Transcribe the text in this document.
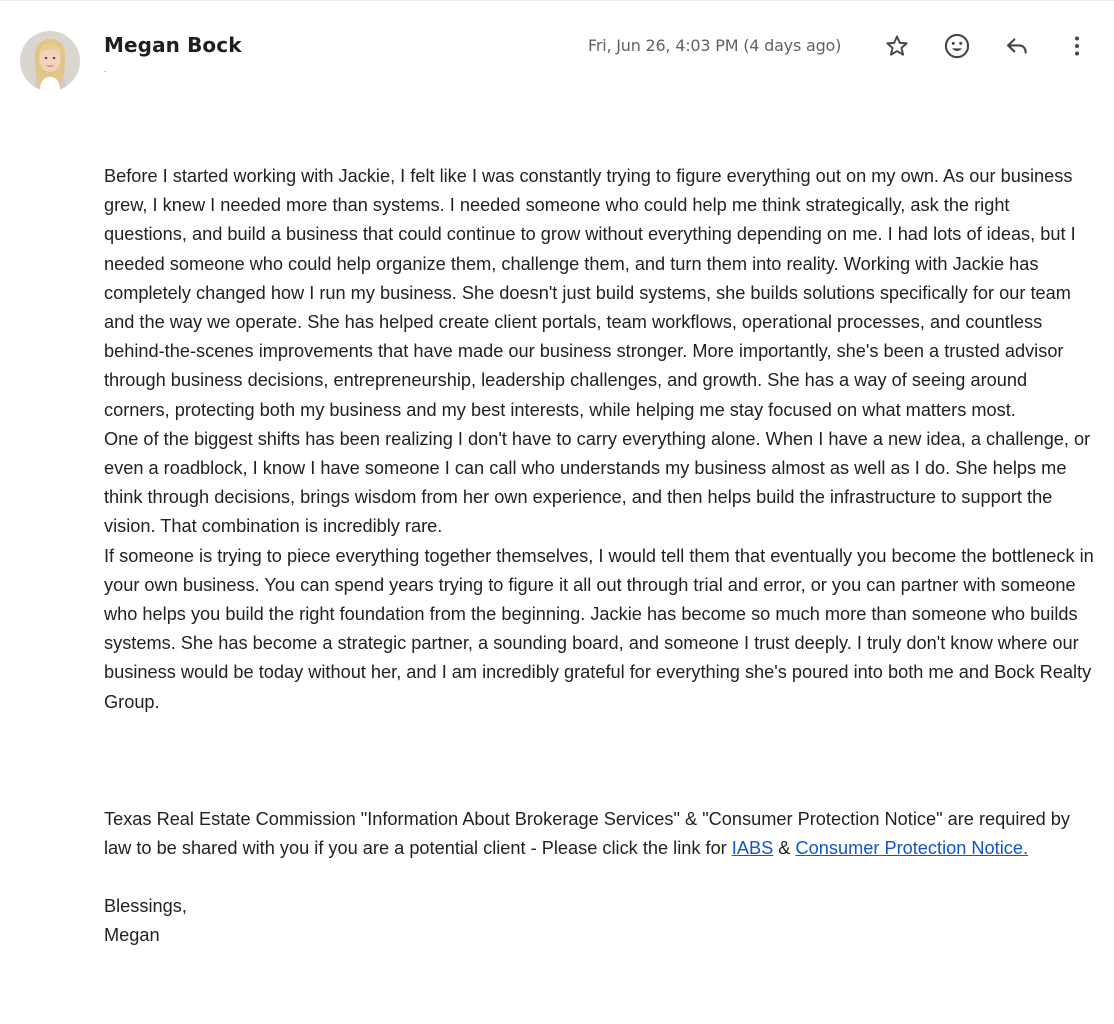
Megan Bock	Fri, Jun 26, 4:03 PM (4 days ago)

Before I started working with Jackie, I felt like I was constantly trying to figure everything out on my own. As our business grew, I knew I needed more than systems. I needed someone who could help me think strategically, ask the right questions, and build a business that could continue to grow without everything depending on me. I had lots of ideas, but I needed someone who could help organize them, challenge them, and turn them into reality. Working with Jackie has completely changed how I run my business. She doesn't just build systems, she builds solutions specifically for our team and the way we operate. She has helped create client portals, team workflows, operational processes, and countless behind-the-scenes improvements that have made our business stronger. More importantly, she's been a trusted advisor through business decisions, entrepreneurship, leadership challenges, and growth. She has a way of seeing around corners, protecting both my business and my best interests, while helping me stay focused on what matters most.

One of the biggest shifts has been realizing I don't have to carry everything alone. When I have a new idea, a challenge, or even a roadblock, I know I have someone I can call who understands my business almost as well as I do. She helps me think through decisions, brings wisdom from her own experience, and then helps build the infrastructure to support the vision. That combination is incredibly rare.

If someone is trying to piece everything together themselves, I would tell them that eventually you become the bottleneck in your own business. You can spend years trying to figure it all out through trial and error, or you can partner with someone who helps you build the right foundation from the beginning. Jackie has become so much more than someone who builds systems. She has become a strategic partner, a sounding board, and someone I trust deeply. I truly don't know where our business would be today without her, and I am incredibly grateful for everything she's poured into both me and Bock Realty Group.

Texas Real Estate Commission "Information About Brokerage Services" & "Consumer Protection Notice" are required by law to be shared with you if you are a potential client - Please click the link for IABS & Consumer Protection Notice.

Blessings,

Megan
